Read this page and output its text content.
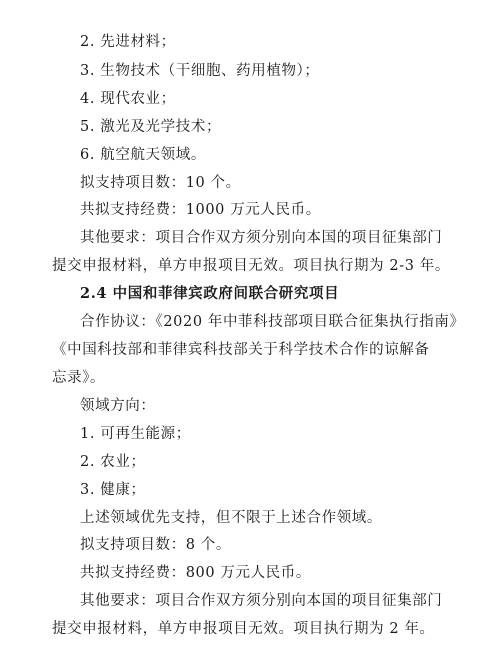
2. 先进材料；
3. 生物技术（干细胞、药用植物）；
4. 现代农业；
5. 激光及光学技术；
6. 航空航天领域。
拟支持项目数：10 个。
共拟支持经费：1000 万元人民币。
其他要求：项目合作双方须分别向本国的项目征集部门
提交申报材料，单方申报项目无效。项目执行期为 2-3 年。
2.4 中国和菲律宾政府间联合研究项目
合作协议：《2020 年中菲科技部项目联合征集执行指南》
《中国科技部和菲律宾科技部关于科学技术合作的谅解备
忘录》。
领域方向：
1. 可再生能源；
2. 农业；
3. 健康；
上述领域优先支持，但不限于上述合作领域。
拟支持项目数：8 个。
共拟支持经费：800 万元人民币。
其他要求：项目合作双方须分别向本国的项目征集部门
提交申报材料，单方申报项目无效。项目执行期为 2 年。
